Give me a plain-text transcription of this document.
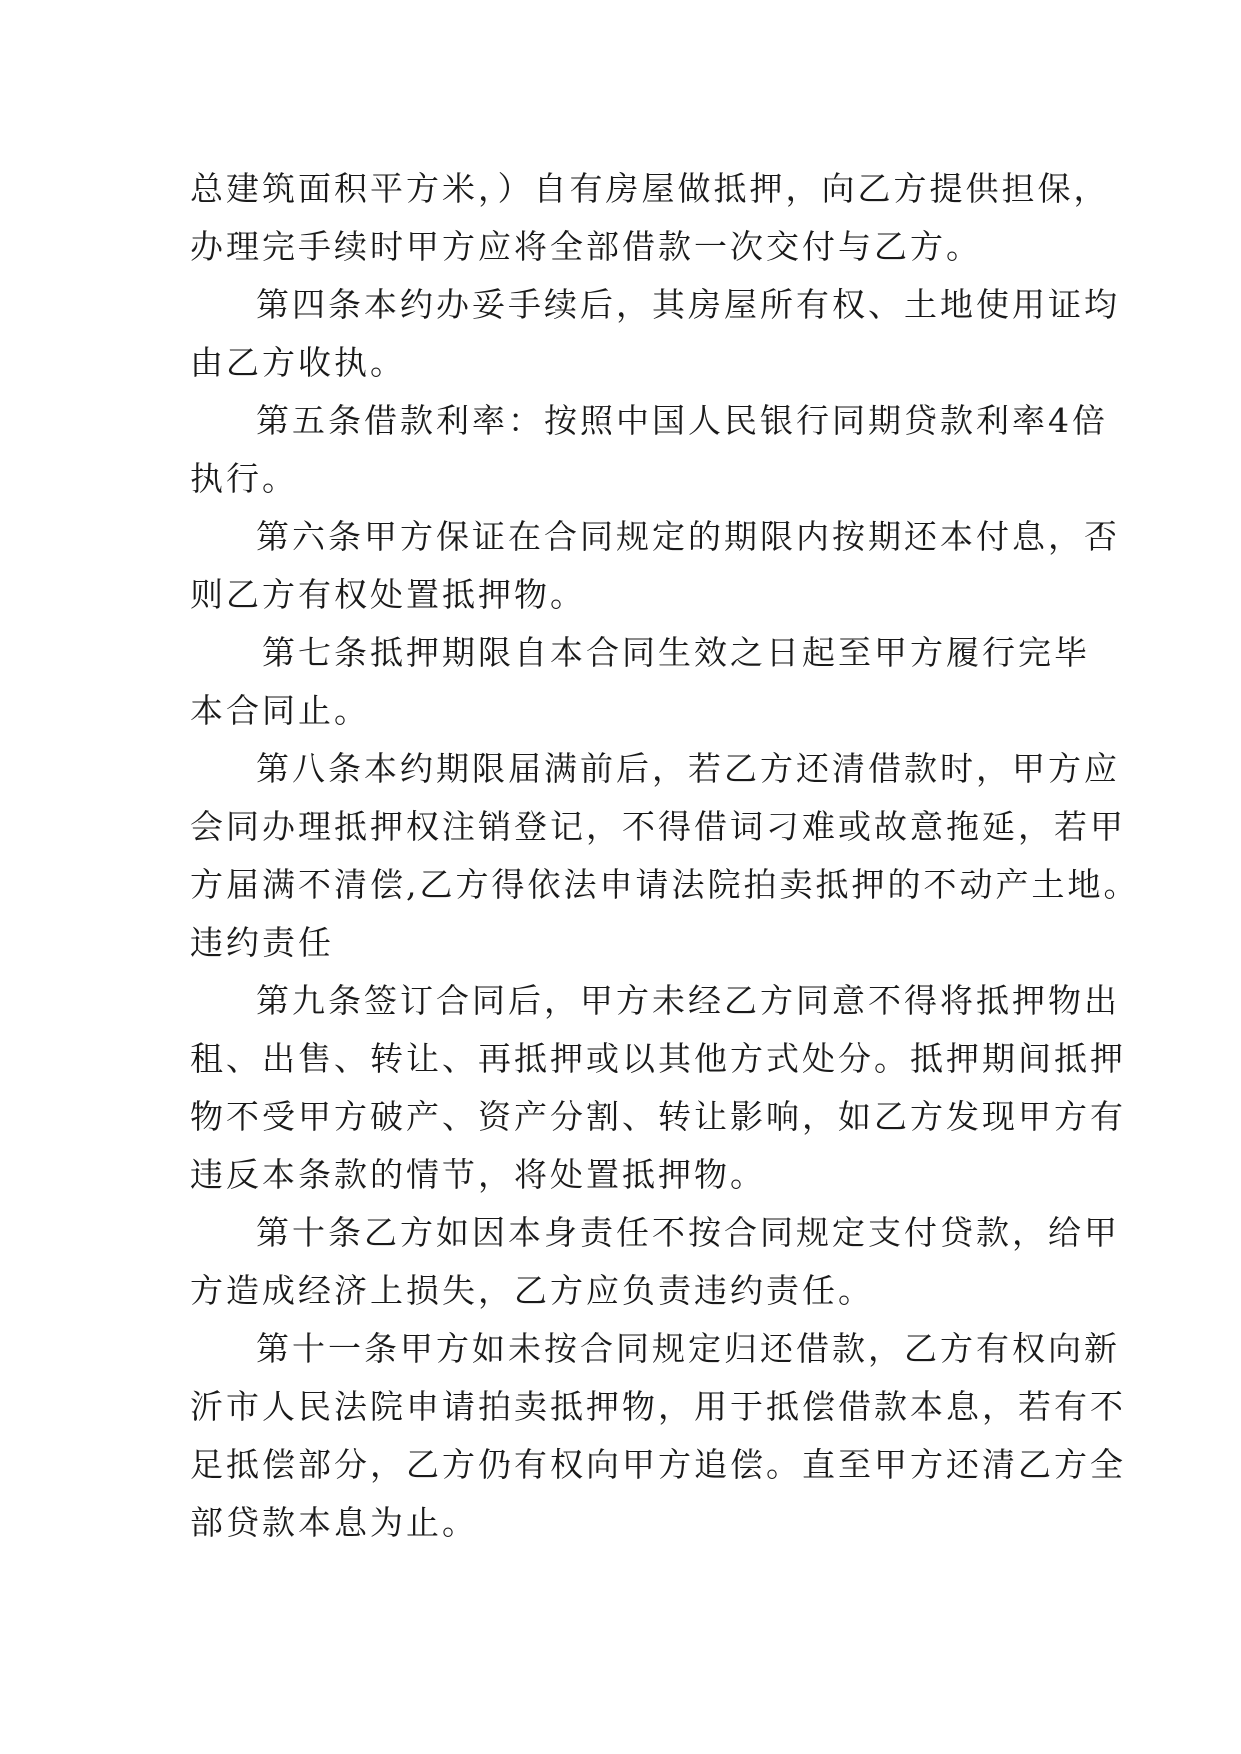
总建筑面积平方米，）自有房屋做抵押，向乙方提供担保，
办理完手续时甲方应将全部借款一次交付与乙方。
第四条本约办妥手续后，其房屋所有权、土地使用证均
由乙方收执。
第五条借款利率：按照中国人民银行同期贷款利率4倍
执行。
第六条甲方保证在合同规定的期限内按期还本付息，否
则乙方有权处置抵押物。
第七条抵押期限自本合同生效之日起至甲方履行完毕
本合同止。
第八条本约期限届满前后，若乙方还清借款时，甲方应
会同办理抵押权注销登记，不得借词刁难或故意拖延，若甲
方届满不清偿,乙方得依法申请法院拍卖抵押的不动产土地。
违约责任
第九条签订合同后，甲方未经乙方同意不得将抵押物出
租、出售、转让、再抵押或以其他方式处分。抵押期间抵押
物不受甲方破产、资产分割、转让影响，如乙方发现甲方有
违反本条款的情节，将处置抵押物。
第十条乙方如因本身责任不按合同规定支付贷款，给甲
方造成经济上损失，乙方应负责违约责任。
第十一条甲方如未按合同规定归还借款，乙方有权向新
沂市人民法院申请拍卖抵押物，用于抵偿借款本息，若有不
足抵偿部分，乙方仍有权向甲方追偿。直至甲方还清乙方全
部贷款本息为止。
